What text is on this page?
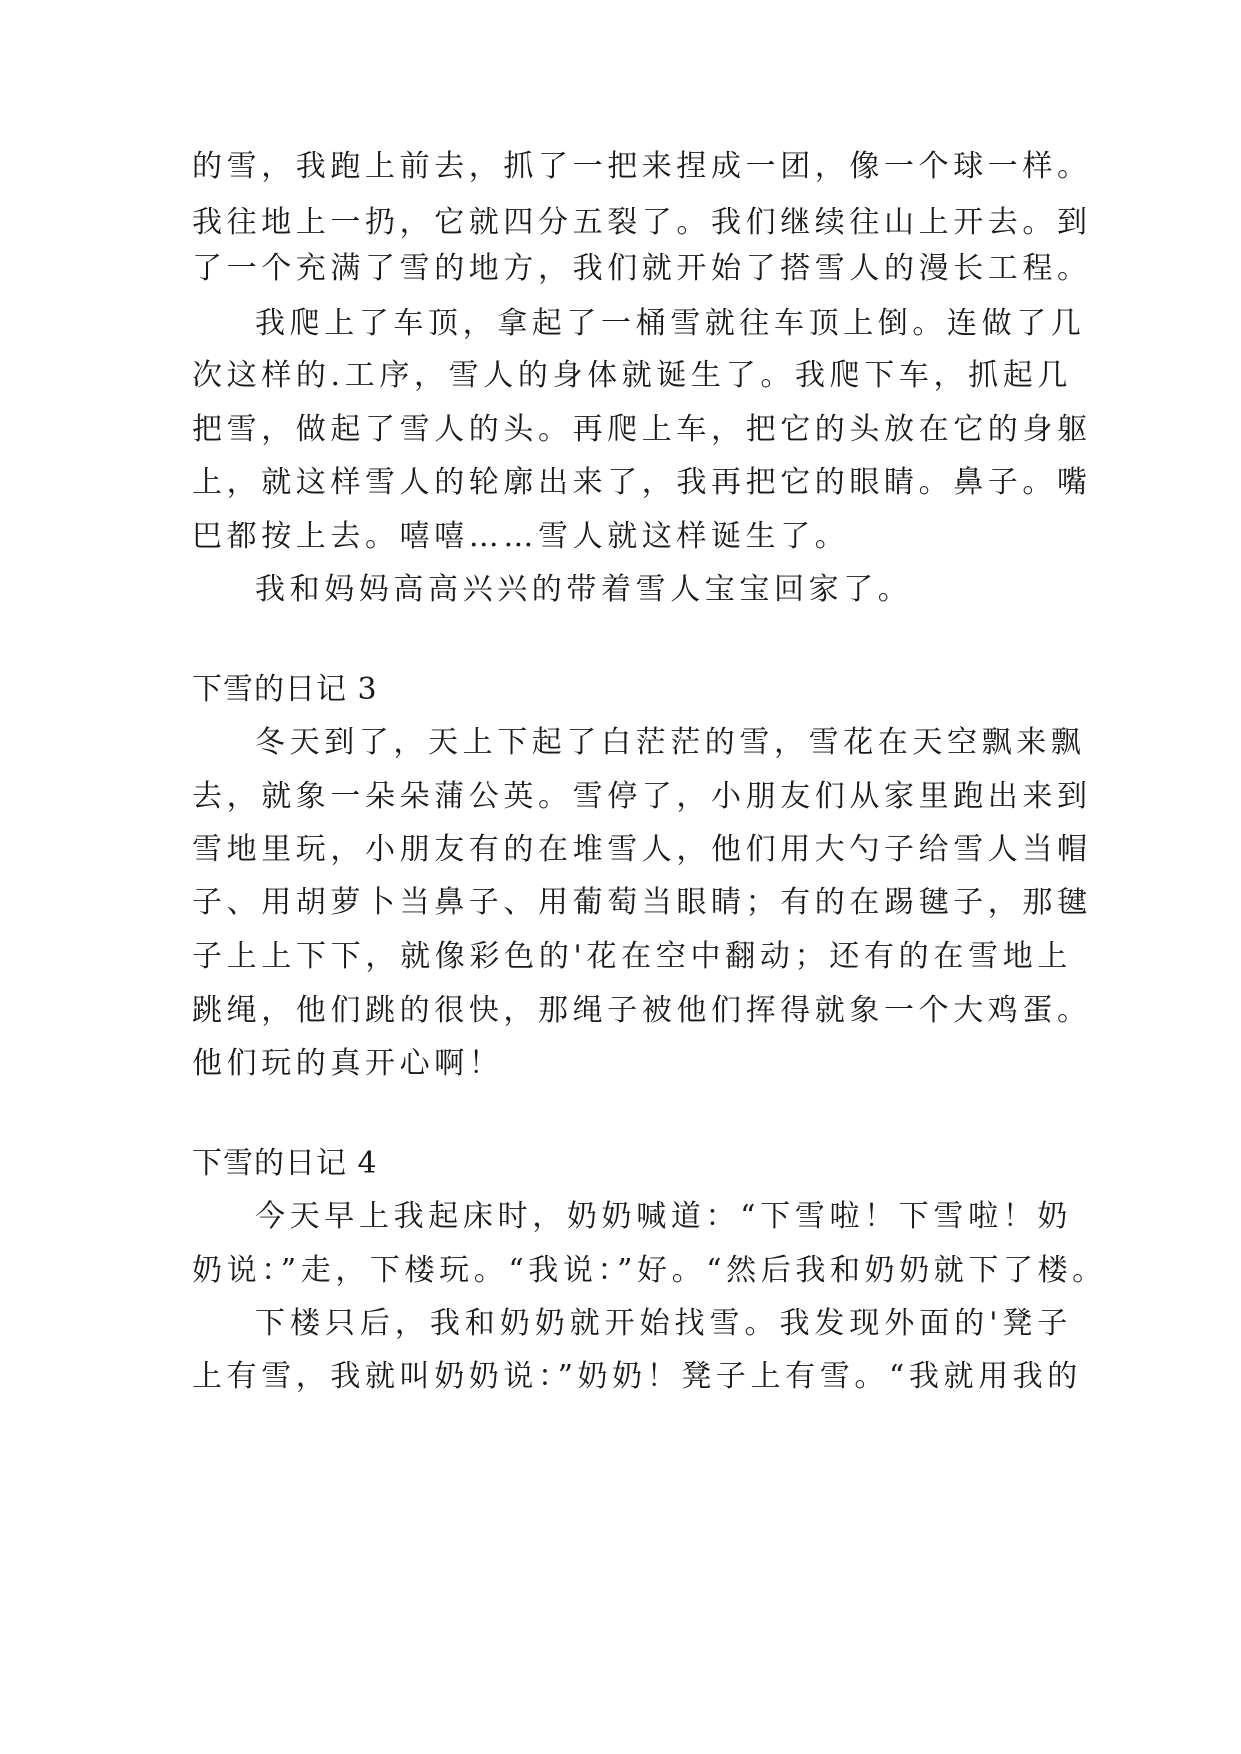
的雪，我跑上前去，抓了一把来捏成一团，像一个球一样。
我往地上一扔，它就四分五裂了。我们继续往山上开去。到
了一个充满了雪的地方，我们就开始了搭雪人的漫长工程。
我爬上了车顶，拿起了一桶雪就往车顶上倒。连做了几
次这样的.工序，雪人的身体就诞生了。我爬下车，抓起几
把雪，做起了雪人的头。再爬上车，把它的头放在它的身躯
上，就这样雪人的轮廓出来了，我再把它的眼睛。鼻子。嘴
巴都按上去。嘻嘻……雪人就这样诞生了。
我和妈妈高高兴兴的带着雪人宝宝回家了。
下雪的日记 3
冬天到了，天上下起了白茫茫的雪，雪花在天空飘来飘
去，就象一朵朵蒲公英。雪停了，小朋友们从家里跑出来到
雪地里玩，小朋友有的在堆雪人，他们用大勺子给雪人当帽
子、用胡萝卜当鼻子、用葡萄当眼睛；有的在踢毽子，那毽
子上上下下，就像彩色的'花在空中翻动；还有的在雪地上
跳绳，他们跳的很快，那绳子被他们挥得就象一个大鸡蛋。
他们玩的真开心啊！
下雪的日记 4
今天早上我起床时，奶奶喊道：“下雪啦！下雪啦！奶
奶说：”走，下楼玩。“我说：”好。“然后我和奶奶就下了楼。
下楼只后，我和奶奶就开始找雪。我发现外面的'凳子
上有雪，我就叫奶奶说：”奶奶！凳子上有雪。“我就用我的
